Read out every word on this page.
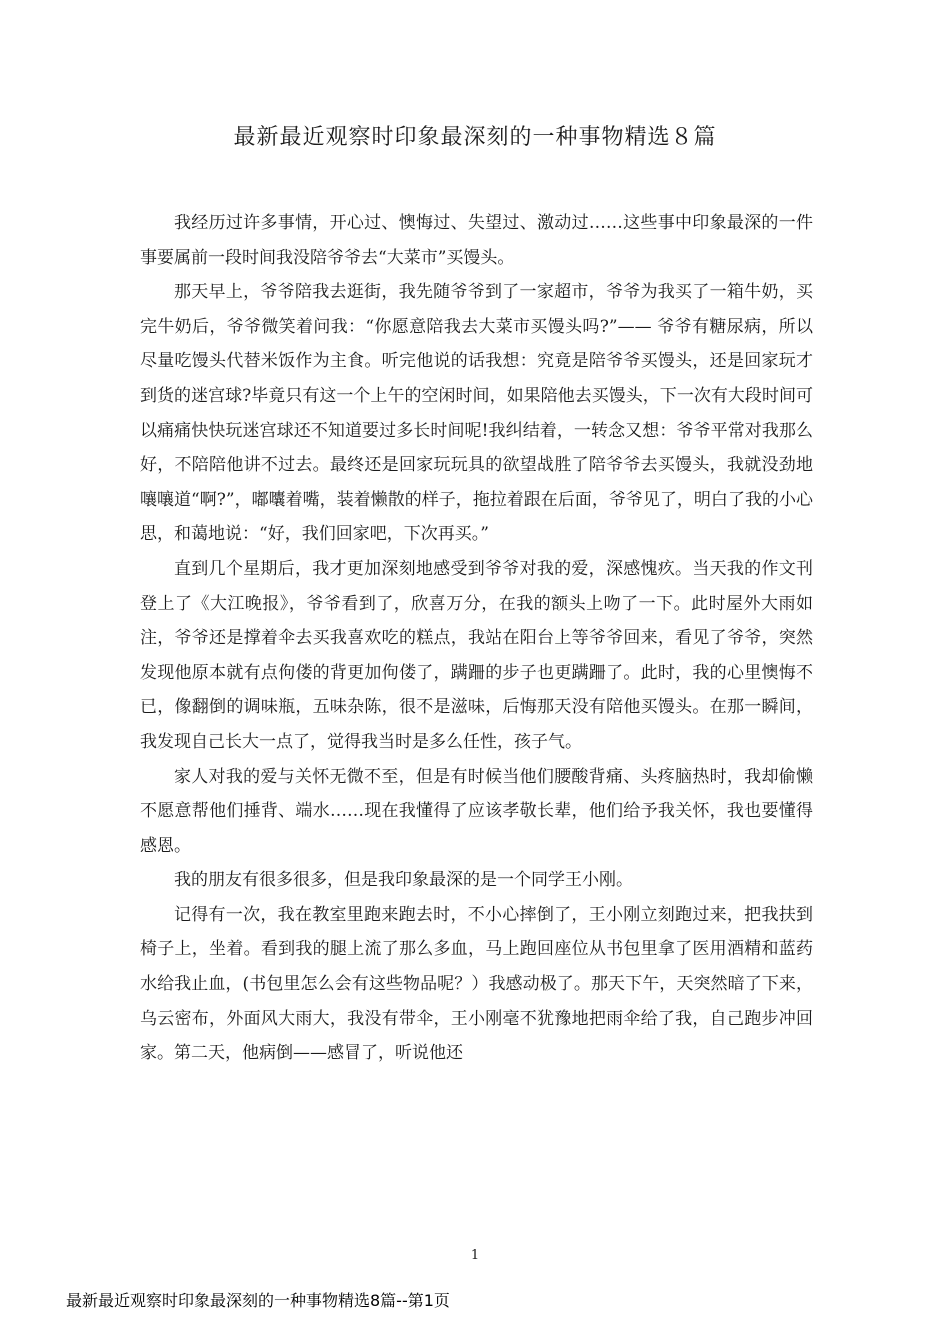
最新最近观察时印象最深刻的一种事物精选８篇

我经历过许多事情，开心过、懊悔过、失望过、激动过……这些事中印象最深的一件事要属前一段时间我没陪爷爷去“大菜市”买馒头。

那天早上，爷爷陪我去逛街，我先随爷爷到了一家超市，爷爷为我买了一箱牛奶，买完牛奶后，爷爷微笑着问我：“你愿意陪我去大菜市买馒头吗?”—— 爷爷有糖尿病，所以尽量吃馒头代替米饭作为主食。听完他说的话我想：究竟是陪爷爷买馒头，还是回家玩才到货的迷宫球?毕竟只有这一个上午的空闲时间，如果陪他去买馒头，下一次有大段时间可以痛痛快快玩迷宫球还不知道要过多长时间呢!我纠结着，一转念又想：爷爷平常对我那么好，不陪陪他讲不过去。最终还是回家玩玩具的欲望战胜了陪爷爷去买馒头，我就没劲地嚷嚷道“啊?”，嘟囔着嘴，装着懒散的样子，拖拉着跟在后面，爷爷见了，明白了我的小心思，和蔼地说：“好，我们回家吧，下次再买。”

直到几个星期后，我才更加深刻地感受到爷爷对我的爱，深感愧疚。当天我的作文刊登上了《大江晚报》，爷爷看到了，欣喜万分，在我的额头上吻了一下。此时屋外大雨如注，爷爷还是撑着伞去买我喜欢吃的糕点，我站在阳台上等爷爷回来，看见了爷爷，突然发现他原本就有点佝偻的背更加佝偻了，蹒跚的步子也更蹒跚了。此时，我的心里懊悔不已，像翻倒的调味瓶，五味杂陈，很不是滋味，后悔那天没有陪他买馒头。在那一瞬间，我发现自己长大一点了，觉得我当时是多么任性，孩子气。

家人对我的爱与关怀无微不至，但是有时候当他们腰酸背痛、头疼脑热时，我却偷懒不愿意帮他们捶背、端水……现在我懂得了应该孝敬长辈，他们给予我关怀，我也要懂得感恩。

我的朋友有很多很多，但是我印象最深的是一个同学王小刚。

记得有一次，我在教室里跑来跑去时，不小心摔倒了，王小刚立刻跑过来，把我扶到椅子上，坐着。看到我的腿上流了那么多血，马上跑回座位从书包里拿了医用酒精和蓝药水给我止血，(书包里怎么会有这些物品呢？）我感动极了。那天下午，天突然暗了下来，乌云密布，外面风大雨大，我没有带伞，王小刚毫不犹豫地把雨伞给了我，自己跑步冲回家。第二天，他病倒——感冒了，听说他还

1
最新最近观察时印象最深刻的一种事物精选8篇--第1页
